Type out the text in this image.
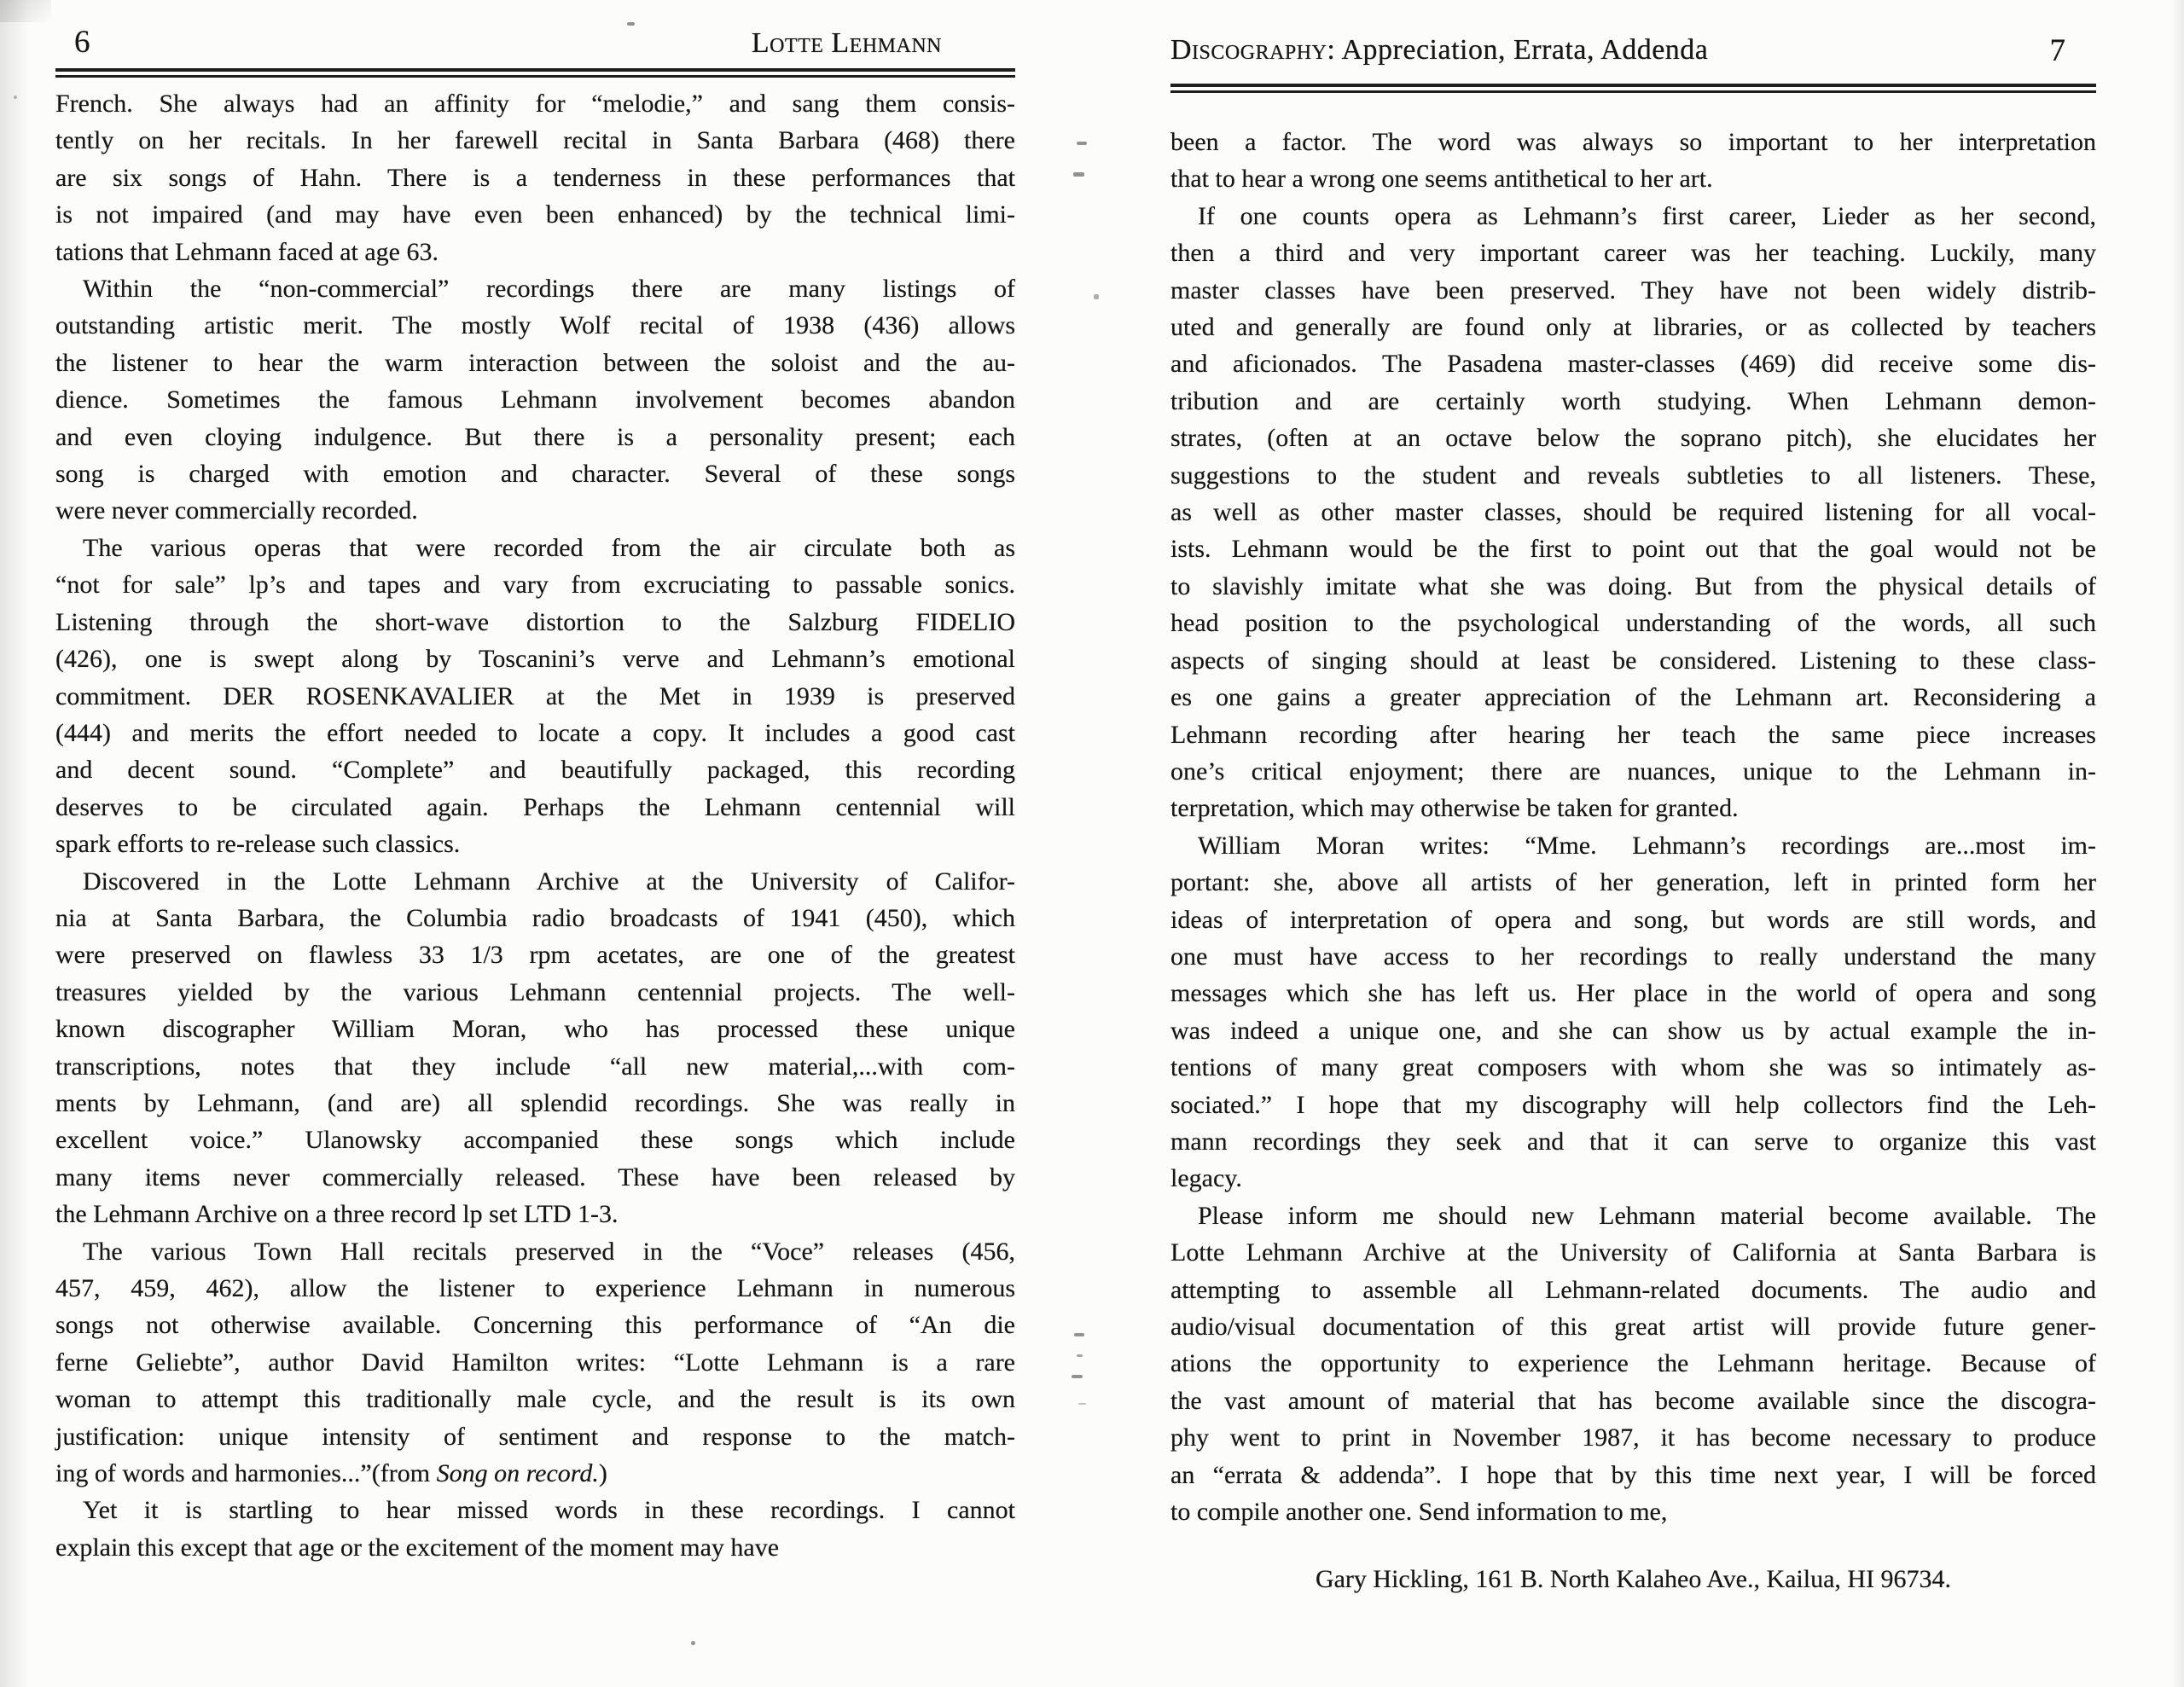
6	Lotte Lehmann
French. She always had an affinity for “melodie,” and sang them consis-
tently on her recitals. In her farewell recital in Santa Barbara (468) there
are six songs of Hahn. There is a tenderness in these performances that
is not impaired (and may have even been enhanced) by the technical limi-
tations that Lehmann faced at age 63.
Within the “non-commercial” recordings there are many listings of
outstanding artistic merit. The mostly Wolf recital of 1938 (436) allows
the listener to hear the warm interaction between the soloist and the au-
dience. Sometimes the famous Lehmann involvement becomes abandon
and even cloying indulgence. But there is a personality present; each
song is charged with emotion and character. Several of these songs
were never commercially recorded.
The various operas that were recorded from the air circulate both as
“not for sale” lp’s and tapes and vary from excruciating to passable sonics.
Listening through the short-wave distortion to the Salzburg FIDELIO
(426), one is swept along by Toscanini’s verve and Lehmann’s emotional
commitment. DER ROSENKAVALIER at the Met in 1939 is preserved
(444) and merits the effort needed to locate a copy. It includes a good cast
and decent sound. “Complete” and beautifully packaged, this recording
deserves to be circulated again. Perhaps the Lehmann centennial will
spark efforts to re-release such classics.
Discovered in the Lotte Lehmann Archive at the University of Califor-
nia at Santa Barbara, the Columbia radio broadcasts of 1941 (450), which
were preserved on flawless 33 1/3 rpm acetates, are one of the greatest
treasures yielded by the various Lehmann centennial projects. The well-
known discographer William Moran, who has processed these unique
transcriptions, notes that they include “all new material,...with com-
ments by Lehmann, (and are) all splendid recordings. She was really in
excellent voice.” Ulanowsky accompanied these songs which include
many items never commercially released. These have been released by
the Lehmann Archive on a three record lp set LTD 1-3.
The various Town Hall recitals preserved in the “Voce” releases (456,
457, 459, 462), allow the listener to experience Lehmann in numerous
songs not otherwise available. Concerning this performance of “An die
ferne Geliebte”, author David Hamilton writes: “Lotte Lehmann is a rare
woman to attempt this traditionally male cycle, and the result is its own
justification: unique intensity of sentiment and response to the match-
ing of words and harmonies...”(from Song on record.)
Yet it is startling to hear missed words in these recordings. I cannot
explain this except that age or the excitement of the moment may have
Discography: Appreciation, Errata, Addenda	7
been a factor. The word was always so important to her interpretation
that to hear a wrong one seems antithetical to her art.
If one counts opera as Lehmann’s first career, Lieder as her second,
then a third and very important career was her teaching. Luckily, many
master classes have been preserved. They have not been widely distrib-
uted and generally are found only at libraries, or as collected by teachers
and aficionados. The Pasadena master-classes (469) did receive some dis-
tribution and are certainly worth studying. When Lehmann demon-
strates, (often at an octave below the soprano pitch), she elucidates her
suggestions to the student and reveals subtleties to all listeners. These,
as well as other master classes, should be required listening for all vocal-
ists. Lehmann would be the first to point out that the goal would not be
to slavishly imitate what she was doing. But from the physical details of
head position to the psychological understanding of the words, all such
aspects of singing should at least be considered. Listening to these class-
es one gains a greater appreciation of the Lehmann art. Reconsidering a
Lehmann recording after hearing her teach the same piece increases
one’s critical enjoyment; there are nuances, unique to the Lehmann in-
terpretation, which may otherwise be taken for granted.
William Moran writes: “Mme. Lehmann’s recordings are...most im-
portant: she, above all artists of her generation, left in printed form her
ideas of interpretation of opera and song, but words are still words, and
one must have access to her recordings to really understand the many
messages which she has left us. Her place in the world of opera and song
was indeed a unique one, and she can show us by actual example the in-
tentions of many great composers with whom she was so intimately as-
sociated.” I hope that my discography will help collectors find the Leh-
mann recordings they seek and that it can serve to organize this vast
legacy.
Please inform me should new Lehmann material become available. The
Lotte Lehmann Archive at the University of California at Santa Barbara is
attempting to assemble all Lehmann-related documents. The audio and
audio/visual documentation of this great artist will provide future gener-
ations the opportunity to experience the Lehmann heritage. Because of
the vast amount of material that has become available since the discogra-
phy went to print in November 1987, it has become necessary to produce
an “errata & addenda”. I hope that by this time next year, I will be forced
to compile another one. Send information to me,
Gary Hickling, 161 B. North Kalaheo Ave., Kailua, HI 96734.
